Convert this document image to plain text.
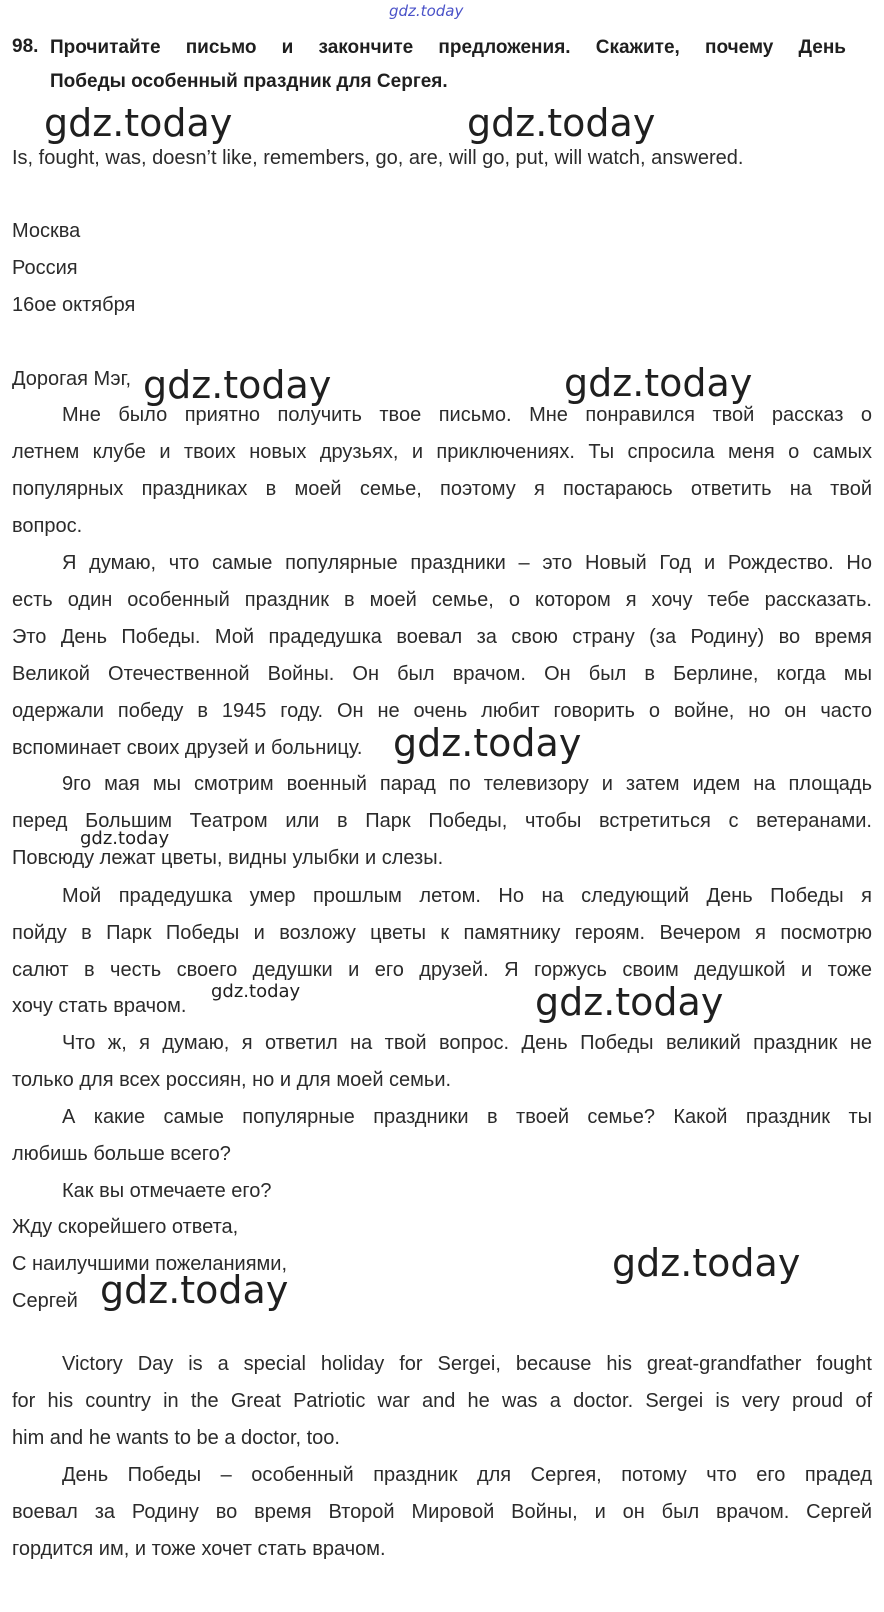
gdz.today
98. Прочитайте письмо и закончите предложения. Скажите, почему День
Победы особенный праздник для Сергея.
gdz.today	gdz.today
Is, fought, was, doesn’t like, remembers, go, are, will go, put, will watch, answered.
Москва
Россия
16ое октября
Дорогая Мэг,
Мне было приятно получить твое письмо. Мне понравился твой рассказ о
летнем клубе и твоих новых друзьях, и приключениях. Ты спросила меня о самых
популярных праздниках в моей семье, поэтому я постараюсь ответить на твой
вопрос.
Я думаю, что самые популярные праздники – это Новый Год и Рождество. Но
есть один особенный праздник в моей семье, о котором я хочу тебе рассказать.
Это День Победы. Мой прадедушка воевал за свою страну (за Родину) во время
Великой Отечественной Войны. Он был врачом. Он был в Берлине, когда мы
одержали победу в 1945 году. Он не очень любит говорить о войне, но он часто
вспоминает своих друзей и больницу.
9го мая мы смотрим военный парад по телевизору и затем идем на площадь
перед Большим Театром или в Парк Победы, чтобы встретиться с ветеранами.
Повсюду лежат цветы, видны улыбки и слезы.
Мой прадедушка умер прошлым летом. Но на следующий День Победы я
пойду в Парк Победы и возложу цветы к памятнику героям. Вечером я посмотрю
салют в честь своего дедушки и его друзей. Я горжусь своим дедушкой и тоже
хочу стать врачом.
Что ж, я думаю, я ответил на твой вопрос. День Победы великий праздник не
только для всех россиян, но и для моей семьи.
А какие самые популярные праздники в твоей семье? Какой праздник ты
любишь больше всего?
Как вы отмечаете его?
Жду скорейшего ответа,
С наилучшими пожеланиями,
Сергей
Victory Day is a special holiday for Sergei, because his great-grandfather fought
for his country in the Great Patriotic war and he was a doctor. Sergei is very proud of
him and he wants to be a doctor, too.
День Победы – особенный праздник для Сергея, потому что его прадед
воевал за Родину во время Второй Мировой Войны, и он был врачом. Сергей
гордится им, и тоже хочет стать врачом.
gdz.today	gdz.today
gdz.today
gdz.today
gdz.today	gdz.today
gdz.today
gdz.today
